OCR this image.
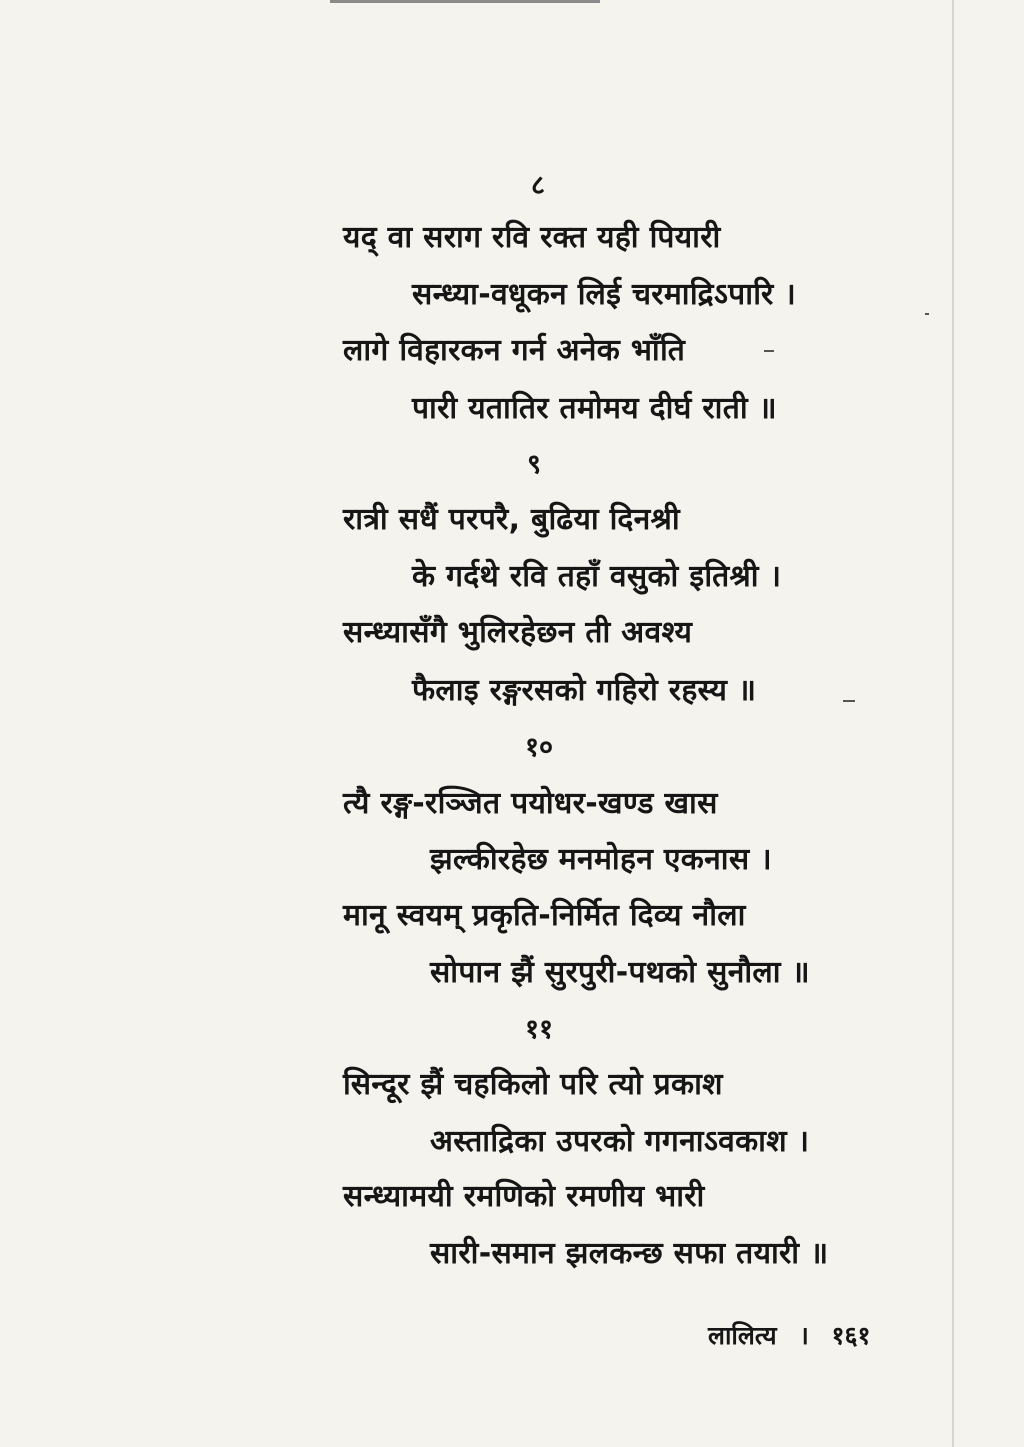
८
यद् वा सराग रवि रक्त यही पियारी
सन्ध्या-वधूकन लिई चरमाद्रिऽपारि ।
लागे विहारकन गर्न अनेक भाँति
पारी यतातिर तमोमय दीर्घ राती ॥
९
रात्री सधैं परपरै, बुढिया दिनश्री
के गर्दथे रवि तहाँ वसुको इतिश्री ।
सन्ध्यासँगै भुलिरहेछन ती अवश्य
फैलाइ रङ्गरसको गहिरो रहस्य ॥
१०
त्यै रङ्ग-रञ्जित पयोधर-खण्ड खास
झल्कीरहेछ मनमोहन एकनास ।
मानू स्वयम् प्रकृति-निर्मित दिव्य नौला
सोपान झैं सुरपुरी-पथको सुनौला ॥
११
सिन्दूर झैं चहकिलो परि त्यो प्रकाश
अस्ताद्रिका उपरको गगनाऽवकाश ।
सन्ध्यामयी रमणिको रमणीय भारी
सारी-समान झलकन्छ सफा तयारी ॥
लालित्य । १६१
